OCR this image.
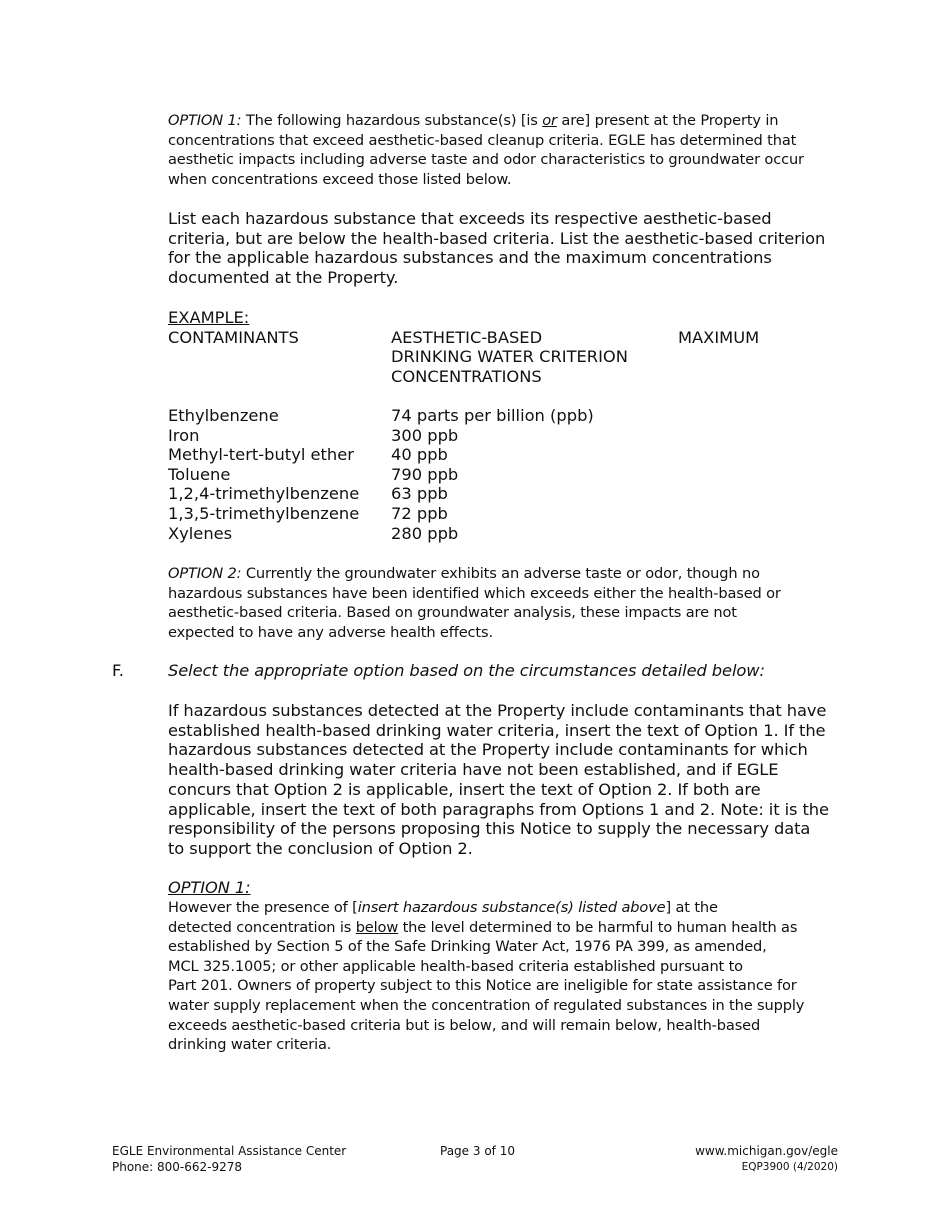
OPTION 1: The following hazardous substance(s) [is or are] present at the Property in
concentrations that exceed aesthetic-based cleanup criteria. EGLE has determined that
aesthetic impacts including adverse taste and odor characteristics to groundwater occur
when concentrations exceed those listed below.
List each hazardous substance that exceeds its respective aesthetic-based
criteria, but are below the health-based criteria. List the aesthetic-based criterion
for the applicable hazardous substances and the maximum concentrations
documented at the Property.
EXAMPLE:
CONTAMINANTS	AESTHETIC-BASED	MAXIMUM
DRINKING WATER CRITERION
CONCENTRATIONS
Ethylbenzene	74 parts per billion (ppb)
Iron	300 ppb
Methyl-tert-butyl ether 40 ppb
Toluene	790 ppb
1,2,4-trimethylbenzene 63 ppb
1,3,5-trimethylbenzene 72 ppb
Xylenes	280 ppb
OPTION 2: Currently the groundwater exhibits an adverse taste or odor, though no
hazardous substances have been identified which exceeds either the health-based or
aesthetic-based criteria. Based on groundwater analysis, these impacts are not
expected to have any adverse health effects.
F.	Select the appropriate option based on the circumstances detailed below:
If hazardous substances detected at the Property include contaminants that have
established health-based drinking water criteria, insert the text of Option 1. If the
hazardous substances detected at the Property include contaminants for which
health-based drinking water criteria have not been established, and if EGLE
concurs that Option 2 is applicable, insert the text of Option 2. If both are
applicable, insert the text of both paragraphs from Options 1 and 2. Note: it is the
responsibility of the persons proposing this Notice to supply the necessary data
to support the conclusion of Option 2.
OPTION 1:
However the presence of [insert hazardous substance(s) listed above] at the
detected concentration is below the level determined to be harmful to human health as
established by Section 5 of the Safe Drinking Water Act, 1976 PA 399, as amended,
MCL 325.1005; or other applicable health-based criteria established pursuant to
Part 201. Owners of property subject to this Notice are ineligible for state assistance for
water supply replacement when the concentration of regulated substances in the supply
exceeds aesthetic-based criteria but is below, and will remain below, health-based
drinking water criteria.
EGLE Environmental Assistance Center
Phone: 800-662-9278
Page 3 of 10	www.michigan.gov/egle
EQP3900 (4/2020)
